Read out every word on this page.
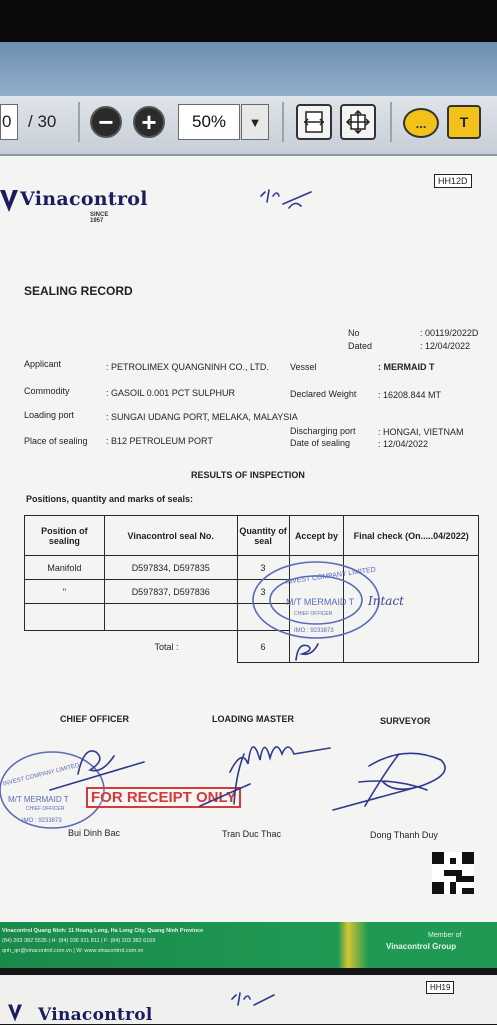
0 / 30	−	+	50%	▼	... T
HH12D
Vinacontrol
SINCE 1957
SEALING RECORD
No	: 00119/2022D
Dated	: 12/04/2022
Applicant	: PETROLIMEX QUANGNINH CO., LTD. Vessel	: MERMAID T
Commodity	: GASOIL 0.001 PCT SULPHUR	Declared Weight : 16208.844 MT
Loading port	: SUNGAI UDANG PORT, MELAKA, MALAYSIA
Discharging port : HONGAI, VIETNAM
Place of sealing : B12 PETROLEUM PORT	Date of sealing	: 12/04/2022
RESULTS OF INSPECTION
Positions, quantity and marks of seals:
Position of sealing	Vinacontrol seal No.	Quantity of seal	Accept by	Final check (On.....04/2022)
Manifold	D597834, D597835	3		
"	D597837, D597836	3		

Total :		6		
INVEST COMPANY LIMITED
M/T MERMAID T
CHIEF OFFICER
IMO : 9233873
Intact
CHIEF OFFICER	LOADING MASTER	SURVEYOR
INVEST COMPANY LIMITED
M/T MERMAID T
CHIEF OFFICER
IMO : 9233873
FOR RECEIPT ONLY
Bui Dinh Bac	Tran Duc Thac	Dong Thanh Duy
Vinacontrol Quang Ninh: 11 Hoang Long, Ha Long City, Quang Ninh Province
(84) 203 382 5535 | H: (84) 936 911 811 | F: (84) 203 382 6169
qnh_qn@vinacontrol.com.vn | W: www.vinacontrol.com.vn
Member of
Vinacontrol Group
HH19
Vinacontrol
